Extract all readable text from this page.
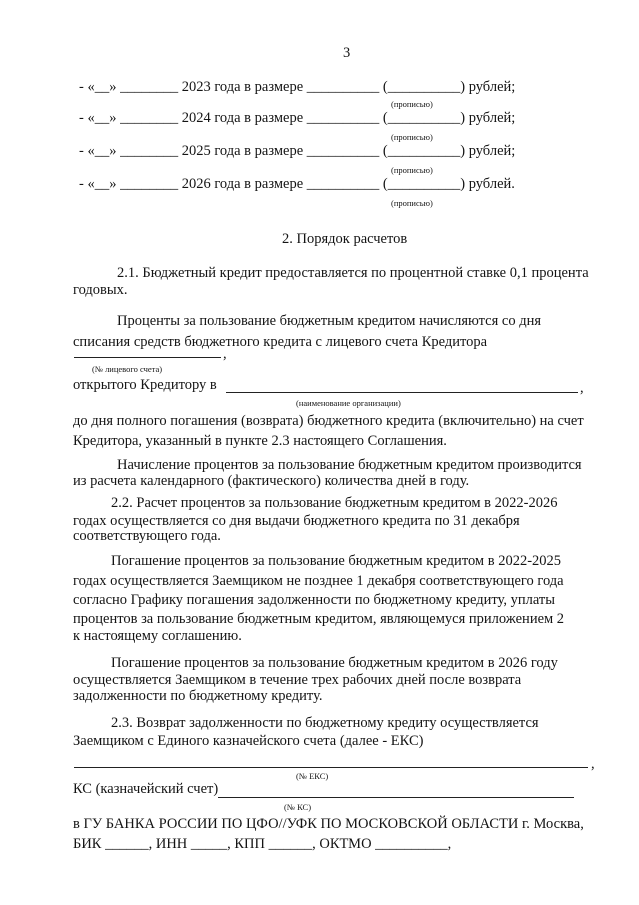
3
- «__» ________ 2023 года в размере __________ (__________) рублей;
(прописью)
- «__» ________ 2024 года в размере __________ (__________) рублей;
(прописью)
- «__» ________ 2025 года в размере __________ (__________) рублей;
(прописью)
- «__» ________ 2026 года в размере __________ (__________) рублей.
(прописью)
2. Порядок расчетов
2.1. Бюджетный кредит предоставляется по процентной ставке 0,1 процента
годовых.
Проценты за пользование бюджетным кредитом начисляются со дня
списания средств бюджетного кредита с лицевого счета Кредитора
,
(№ лицевого счета)
открытого Кредитору в	,
(наименование организации)
до дня полного погашения (возврата) бюджетного кредита (включительно) на счет
Кредитора, указанный в пункте 2.3 настоящего Соглашения.
Начисление процентов за пользование бюджетным кредитом производится
из расчета календарного (фактического) количества дней в году.
2.2. Расчет процентов за пользование бюджетным кредитом в 2022-2026
годах осуществляется со дня выдачи бюджетного кредита по 31 декабря
соответствующего года.
Погашение процентов за пользование бюджетным кредитом в 2022-2025
годах осуществляется Заемщиком не позднее 1 декабря соответствующего года
согласно Графику погашения задолженности по бюджетному кредиту, уплаты
процентов за пользование бюджетным кредитом, являющемуся приложением 2
к настоящему соглашению.
Погашение процентов за пользование бюджетным кредитом в 2026 году
осуществляется Заемщиком в течение трех рабочих дней после возврата
задолженности по бюджетному кредиту.
2.3. Возврат задолженности по бюджетному кредиту осуществляется
Заемщиком с Единого казначейского счета (далее - ЕКС)
,
(№ ЕКС)
КС (казначейский счет)
(№ КС)
в ГУ БАНКА РОССИИ ПО ЦФО//УФК ПО МОСКОВСКОЙ ОБЛАСТИ г. Москва,
БИК ______, ИНН _____, КПП ______, ОКТМО __________,
